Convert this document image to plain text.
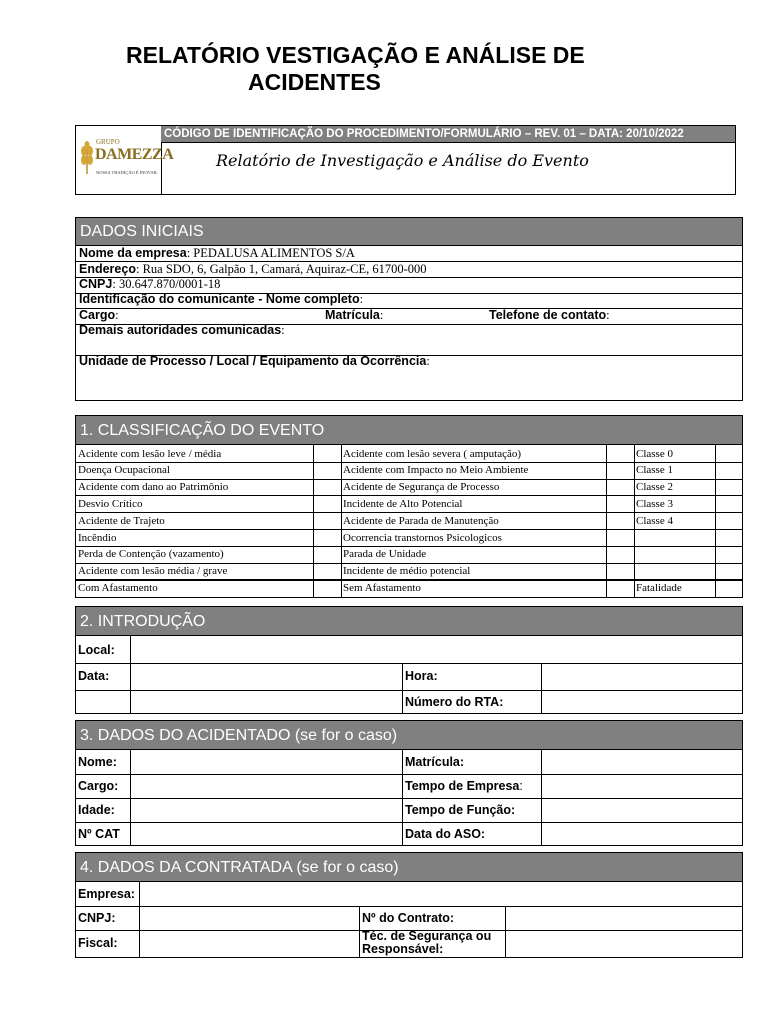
RELATÓRIO VESTIGAÇÃO E ANÁLISE DE
ACIDENTES
GRUPO
DAMEZZA
NOSSA TRADIÇÃO É INOVAR.
CÓDIGO DE IDENTIFICAÇÃO DO PROCEDIMENTO/FORMULÁRIO – REV. 01 – DATA: 20/10/2022
Relatório de Investigação e Análise do Evento
DADOS INICIAIS
Nome da empresa: PEDALUSA ALIMENTOS S/A
Endereço: Rua SDO, 6, Galpão 1, Camará, Aquiraz-CE, 61700-000
CNPJ: 30.647.870/0001-18
Identificação do comunicante - Nome completo:
Cargo:	Matrícula:	Telefone de contato:
Demais autoridades comunicadas:
Unidade de Processo / Local / Equipamento da Ocorrência:
1. CLASSIFICAÇÃO DO EVENTO
Acidente com lesão leve / média	Acidente com lesão severa ( amputação)	Classe 0
Doença Ocupacional	Acidente com Impacto no Meio Ambiente	Classe 1
Acidente com dano ao Patrimônio	Acidente de Segurança de Processo	Classe 2
Desvio Crítico	Incidente de Alto Potencial	Classe 3
Acidente de Trajeto	Acidente de Parada de Manutenção	Classe 4
Incêndio	Ocorrencia transtornos Psicologicos
Perda de Contenção (vazamento)	Parada de Unidade
Acidente com lesão média / grave	Incidente de médio potencial
Com Afastamento	Sem Afastamento	Fatalidade
2. INTRODUÇÃO
Local:
Data:	Hora:
Número do RTA:
3. DADOS DO ACIDENTADO (se for o caso)
Nome:	Matrícula:
Cargo:	Tempo de Empresa:
Idade:	Tempo de Função:
Nº CAT	Data do ASO:
4. DADOS DA CONTRATADA (se for o caso)
Empresa:
CNPJ:	Nº do Contrato:
Fiscal:	Téc. de Segurança ou
Responsável:
